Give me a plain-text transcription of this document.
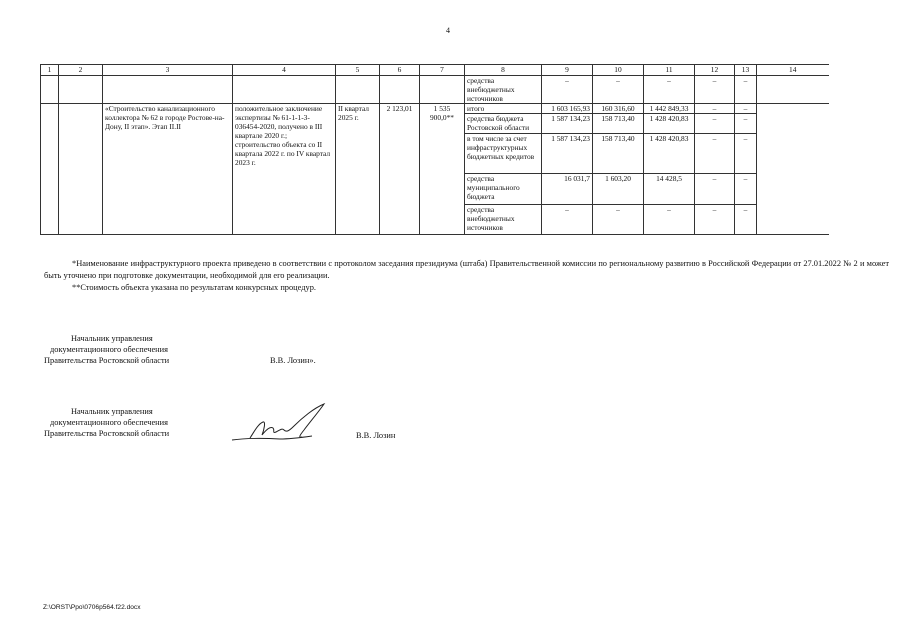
4
1	2	3	4	5	6	7	8	9	10	11	12	13	14
							средства внебюджетных источников	–	–	–	–	–	
		«Строительство канализационного коллектора № 62 в городе Ростове-на-Дону, II этап». Этап II.II	положительное заключение экспертизы № 61-1-1-3-036454-2020, получено в III квартале 2020 г.; строительство объекта со II квартала 2022 г. по IV квартал 2023 г.	II квартал 2025 г.	2 123,01	1 535 900,0**	итого	1 603 165,93	160 316,60	1 442 849,33	–	–	
							средства бюджета Ростовской области	1 587 134,23	158 713,40	1 428 420,83	–	–	
							в том числе за счет инфраструктурных бюджетных кредитов	1 587 134,23	158 713,40	1 428 420,83	–	–	
							средства муниципального бюджета	16 031,7	1 603,20	14 428,5	–	–	
							средства внебюджетных источников	–	–	–	–	–	

*Наименование инфраструктурного проекта приведено в соответствии с протоколом заседания президиума (штаба) Правительственной комиссии по региональному развитию в Российской Федерации от 27.01.2022 № 2 и может быть уточнено при подготовке документации, необходимой для его реализации.

**Стоимость объекта указана по результатам конкурсных процедур.

Начальник управления
документационного обеспечения
Правительства Ростовской области	В.В. Лозин».
Начальник управления
документационного обеспечения
Правительства Ростовской области	В.В. Лозин
Z:\ORST\Ppo\0706p564.f22.docx
